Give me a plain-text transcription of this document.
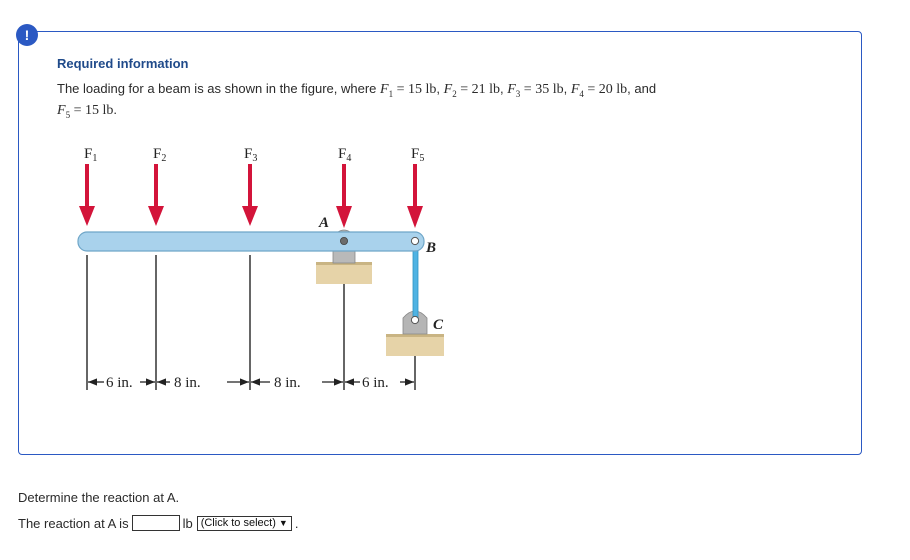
!
Required information
The loading for a beam is as shown in the figure, where $F_1 = 15$ lb, $F_2 = 21$ lb, $F_3 = 35$ lb, $F_4 = 20$ lb, and
$F_5 = 15$ lb.
$F_1$	$F_2$	$F_3$	$F_4$	$F_5$
A
B
C
6 in.	8 in.	8 in.	6 in.
Determine the reaction at A.
The reaction at A is	lb (Click to select) ▼ .
